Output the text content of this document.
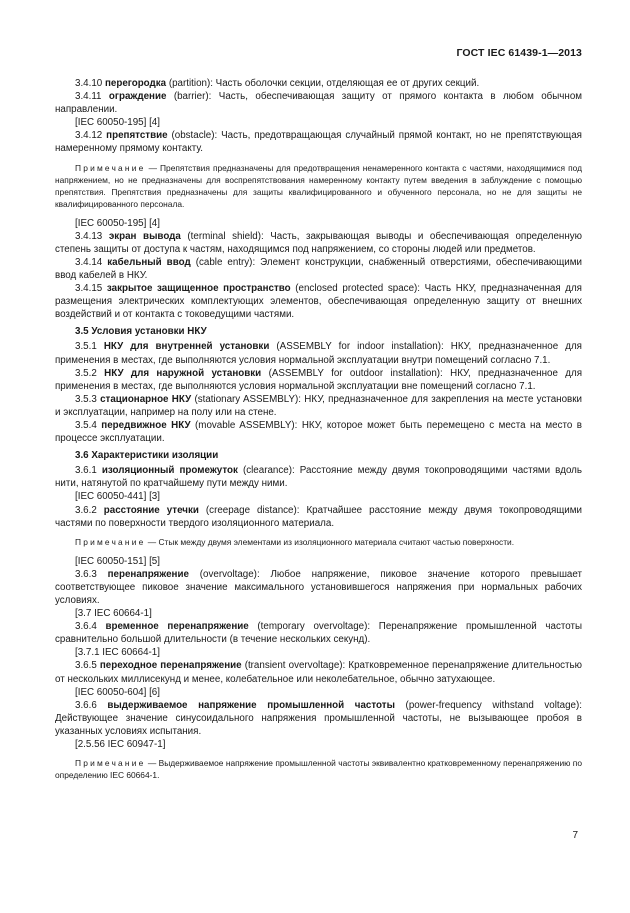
ГОСТ IEC 61439-1—2013

3.4.10 перегородка (partition): Часть оболочки секции, отделяющая ее от других секций.

3.4.11 ограждение (barrier): Часть, обеспечивающая защиту от прямого контакта в любом обычном направлении.

[IEC 60050-195] [4]

3.4.12 препятствие (obstacle): Часть, предотвращающая случайный прямой контакт, но не препятствующая намеренному прямому контакту.

Примечание — Препятствия предназначены для предотвращения ненамеренного контакта с частями, находящимися под напряжением, но не предназначены для воспрепятствования намеренному контакту путем введения в заблуждение с помощью препятствия. Препятствия предназначены для защиты квалифицированного и обученного персонала, но не для защиты не квалифицированного персонала.

[IEC 60050-195] [4]

3.4.13 экран вывода (terminal shield): Часть, закрывающая выводы и обеспечивающая определенную степень защиты от доступа к частям, находящимся под напряжением, со стороны людей или предметов.

3.4.14 кабельный ввод (cable entry): Элемент конструкции, снабженный отверстиями, обеспечивающими ввод кабелей в НКУ.

3.4.15 закрытое защищенное пространство (enclosed protected space): Часть НКУ, предназначенная для размещения электрических комплектующих элементов, обеспечивающая определенную защиту от внешних воздействий и от контакта с токоведущими частями.

3.5 Условия установки НКУ

3.5.1 НКУ для внутренней установки (ASSEMBLY for indoor installation): НКУ, предназначенное для применения в местах, где выполняются условия нормальной эксплуатации внутри помещений согласно 7.1.

3.5.2 НКУ для наружной установки (ASSEMBLY for outdoor installation): НКУ, предназначенное для применения в местах, где выполняются условия нормальной эксплуатации вне помещений согласно 7.1.

3.5.3 стационарное НКУ (stationary ASSEMBLY): НКУ, предназначенное для закрепления на месте установки и эксплуатации, например на полу или на стене.

3.5.4 передвижное НКУ (movable ASSEMBLY): НКУ, которое может быть перемещено с места на место в процессе эксплуатации.

3.6 Характеристики изоляции

3.6.1 изоляционный промежуток (clearance): Расстояние между двумя токопроводящими частями вдоль нити, натянутой по кратчайшему пути между ними.

[IEC 60050-441] [3]

3.6.2 расстояние утечки (creepage distance): Кратчайшее расстояние между двумя токопроводящими частями по поверхности твердого изоляционного материала.

Примечание — Стык между двумя элементами из изоляционного материала считают частью поверхности.

[IEC 60050-151] [5]

3.6.3 перенапряжение (overvoltage): Любое напряжение, пиковое значение которого превышает соответствующее пиковое значение максимального установившегося напряжения при нормальных рабочих условиях.

[3.7 IEC 60664-1]

3.6.4 временное перенапряжение (temporary overvoltage): Перенапряжение промышленной частоты сравнительно большой длительности (в течение нескольких секунд).

[3.7.1 IEC 60664-1]

3.6.5 переходное перенапряжение (transient overvoltage): Кратковременное перенапряжение длительностью от нескольких миллисекунд и менее, колебательное или неколебательное, обычно затухающее.

[IEC 60050-604] [6]

3.6.6 выдерживаемое напряжение промышленной частоты (power-frequency withstand voltage): Действующее значение синусоидального напряжения промышленной частоты, не вызывающее пробоя в указанных условиях испытания.

[2.5.56 IEC 60947-1]

Примечание — Выдерживаемое напряжение промышленной частоты эквивалентно кратковременному перенапряжению по определению IEC 60664-1.

7
